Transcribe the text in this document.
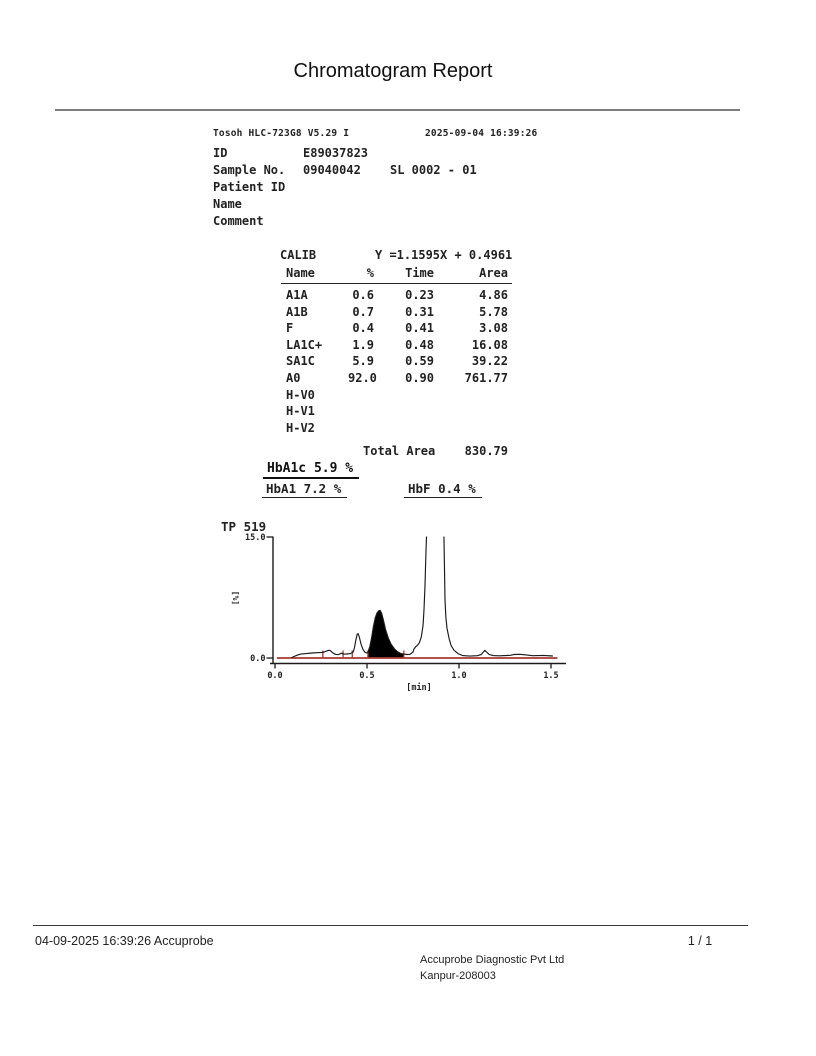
Chromatogram Report
Tosoh HLC-723G8 V5.29 I	2025-09-04 16:39:26
ID	E89037823
Sample No. 09040042 SL 0002 - 01
Patient ID
Name
Comment
CALIB	Y =1.1595X + 0.4961
Name	%	Time	Area
A1A	0.6	0.23	4.86
A1B	0.7	0.31	5.78
F	0.4	0.41	3.08
LA1C+	1.9	0.48	16.08
SA1C	5.9	0.59	39.22
A0	92.0	0.90	761.77
H-V0
H-V1
H-V2
Total Area	830.79
HbA1c 5.9 %
HbA1 7.2 %	HbF 0.4 %
15.0
0.0
0.0	0.5	1.0	1.5
[min]
[%]
TP 519
04-09-2025 16:39:26 Accuprobe	1 / 1
Accuprobe Diagnostic Pvt Ltd
Kanpur-208003
